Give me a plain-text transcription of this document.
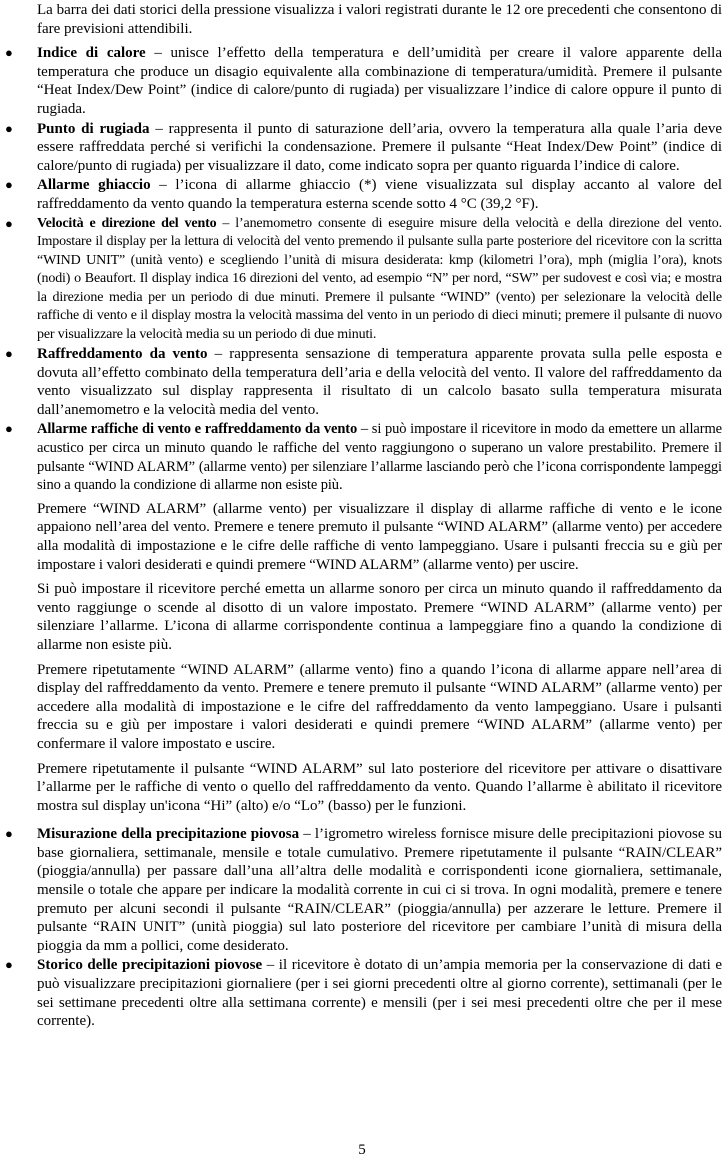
La barra dei dati storici della pressione visualizza i valori registrati durante le 12 ore precedenti che consentono di fare previsioni attendibili.

● Indice di calore – unisce l’effetto della temperatura e dell’umidità per creare il valore apparente della temperatura che produce un disagio equivalente alla combinazione di temperatura/umidità. Premere il pulsante “Heat Index/Dew Point” (indice di calore/punto di rugiada) per visualizzare l’indice di calore oppure il punto di rugiada.
● Punto di rugiada – rappresenta il punto di saturazione dell’aria, ovvero la temperatura alla quale l’aria deve essere raffreddata perché si verifichi la condensazione. Premere il pulsante “Heat Index/Dew Point” (indice di calore/punto di rugiada) per visualizzare il dato, come indicato sopra per quanto riguarda l’indice di calore.
● Allarme ghiaccio – l’icona di allarme ghiaccio (*) viene visualizzata sul display accanto al valore del raffreddamento da vento quando la temperatura esterna scende sotto 4 °C (39,2 °F).
● Velocità e direzione del vento – l’anemometro consente di eseguire misure della velocità e della direzione del vento. Impostare il display per la lettura di velocità del vento premendo il pulsante sulla parte posteriore del ricevitore con la scritta “WIND UNIT” (unità vento) e scegliendo l’unità di misura desiderata: kmp (kilometri l’ora), mph (miglia l’ora), knots (nodi) o Beaufort. Il display indica 16 direzioni del vento, ad esempio “N” per nord, “SW” per sudovest e così via; e mostra la direzione media per un periodo di due minuti. Premere il pulsante “WIND” (vento) per selezionare la velocità delle raffiche di vento e il display mostra la velocità massima del vento in un periodo di dieci minuti; premere il pulsante di nuovo per visualizzare la velocità media su un periodo di due minuti.
● Raffreddamento da vento – rappresenta sensazione di temperatura apparente provata sulla pelle esposta e dovuta all’effetto combinato della temperatura dell’aria e della velocità del vento. Il valore del raffreddamento da vento visualizzato sul display rappresenta il risultato di un calcolo basato sulla temperatura misurata dall’anemometro e la velocità media del vento.
● Allarme raffiche di vento e raffreddamento da vento – si può impostare il ricevitore in modo da emettere un allarme acustico per circa un minuto quando le raffiche del vento raggiungono o superano un valore prestabilito. Premere il pulsante “WIND ALARM” (allarme vento) per silenziare l’allarme lasciando però che l’icona corrispondente lampeggi sino a quando la condizione di allarme non esiste più.

Premere “WIND ALARM” (allarme vento) per visualizzare il display di allarme raffiche di vento e le icone appaiono nell’area del vento. Premere e tenere premuto il pulsante “WIND ALARM” (allarme vento) per accedere alla modalità di impostazione e le cifre delle raffiche di vento lampeggiano. Usare i pulsanti freccia su e giù per impostare i valori desiderati e quindi premere “WIND ALARM” (allarme vento) per uscire.

Si può impostare il ricevitore perché emetta un allarme sonoro per circa un minuto quando il raffreddamento da vento raggiunge o scende al disotto di un valore impostato. Premere “WIND ALARM” (allarme vento) per silenziare l’allarme. L’icona di allarme corrispondente continua a lampeggiare fino a quando la condizione di allarme non esiste più.

Premere ripetutamente “WIND ALARM” (allarme vento) fino a quando l’icona di allarme appare nell’area di display del raffreddamento da vento. Premere e tenere premuto il pulsante “WIND ALARM” (allarme vento) per accedere alla modalità di impostazione e le cifre del raffreddamento da vento lampeggiano. Usare i pulsanti freccia su e giù per impostare i valori desiderati e quindi premere “WIND ALARM” (allarme vento) per confermare il valore impostato e uscire.

Premere ripetutamente il pulsante “WIND ALARM” sul lato posteriore del ricevitore per attivare o disattivare l’allarme per le raffiche di vento o quello del raffreddamento da vento. Quando l’allarme è abilitato il ricevitore mostra sul display un'icona “Hi” (alto) e/o “Lo” (basso) per le funzioni.

● Misurazione della precipitazione piovosa – l’igrometro wireless fornisce misure delle precipitazioni piovose su base giornaliera, settimanale, mensile e totale cumulativo. Premere ripetutamente il pulsante “RAIN/CLEAR” (pioggia/annulla) per passare dall’una all’altra delle modalità e corrispondenti icone giornaliera, settimanale, mensile o totale che appare per indicare la modalità corrente in cui ci si trova. In ogni modalità, premere e tenere premuto per alcuni secondi il pulsante “RAIN/CLEAR” (pioggia/annulla) per azzerare le letture. Premere il pulsante “RAIN UNIT” (unità pioggia) sul lato posteriore del ricevitore per cambiare l’unità di misura della pioggia da mm a pollici, come desiderato.
● Storico delle precipitazioni piovose – il ricevitore è dotato di un’ampia memoria per la conservazione di dati e può visualizzare precipitazioni giornaliere (per i sei giorni precedenti oltre al giorno corrente), settimanali (per le sei settimane precedenti oltre alla settimana corrente) e mensili (per i sei mesi precedenti oltre che per il mese corrente).
5
